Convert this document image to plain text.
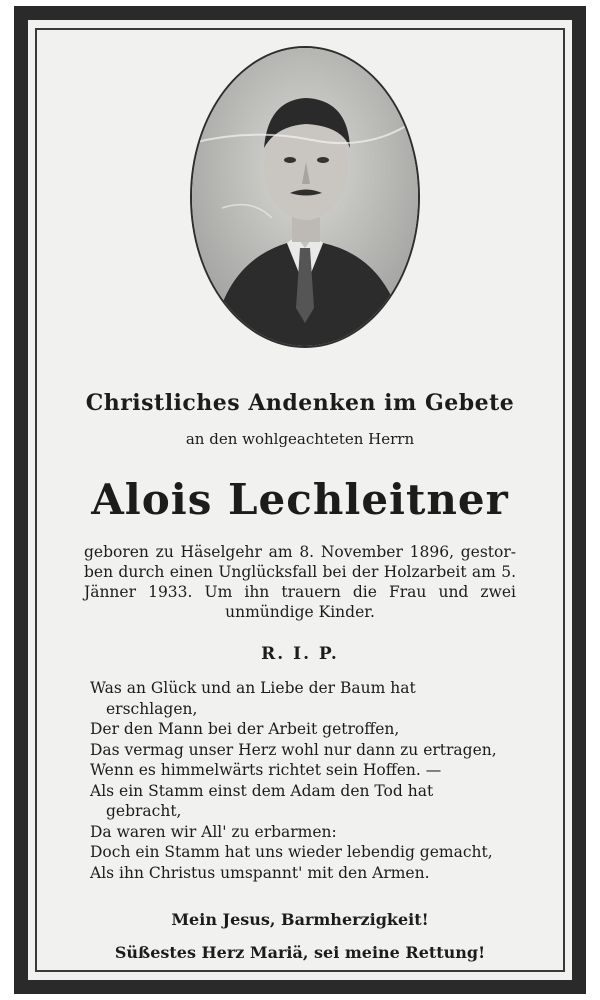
Christliches Andenken im Gebete
an den wohlgeachteten Herrn
Alois Lechleitner
geboren zu Häselgehr am 8. November 1896, gestor-ben durch einen Unglücksfall bei der Holzarbeit am 5. Jänner 1933. Um ihn trauern die Frau und zwei unmündige Kinder.
R. I. P.
Was an Glück und an Liebe der Baum hat
erschlagen,
Der den Mann bei der Arbeit getroffen,
Das vermag unser Herz wohl nur dann zu ertragen,
Wenn es himmelwärts richtet sein Hoffen. —
Als ein Stamm einst dem Adam den Tod hat
gebracht,
Da waren wir All' zu erbarmen:
Doch ein Stamm hat uns wieder lebendig gemacht,
Als ihn Christus umspannt' mit den Armen.
Mein Jesus, Barmherzigkeit!
Süßestes Herz Mariä, sei meine Rettung!
